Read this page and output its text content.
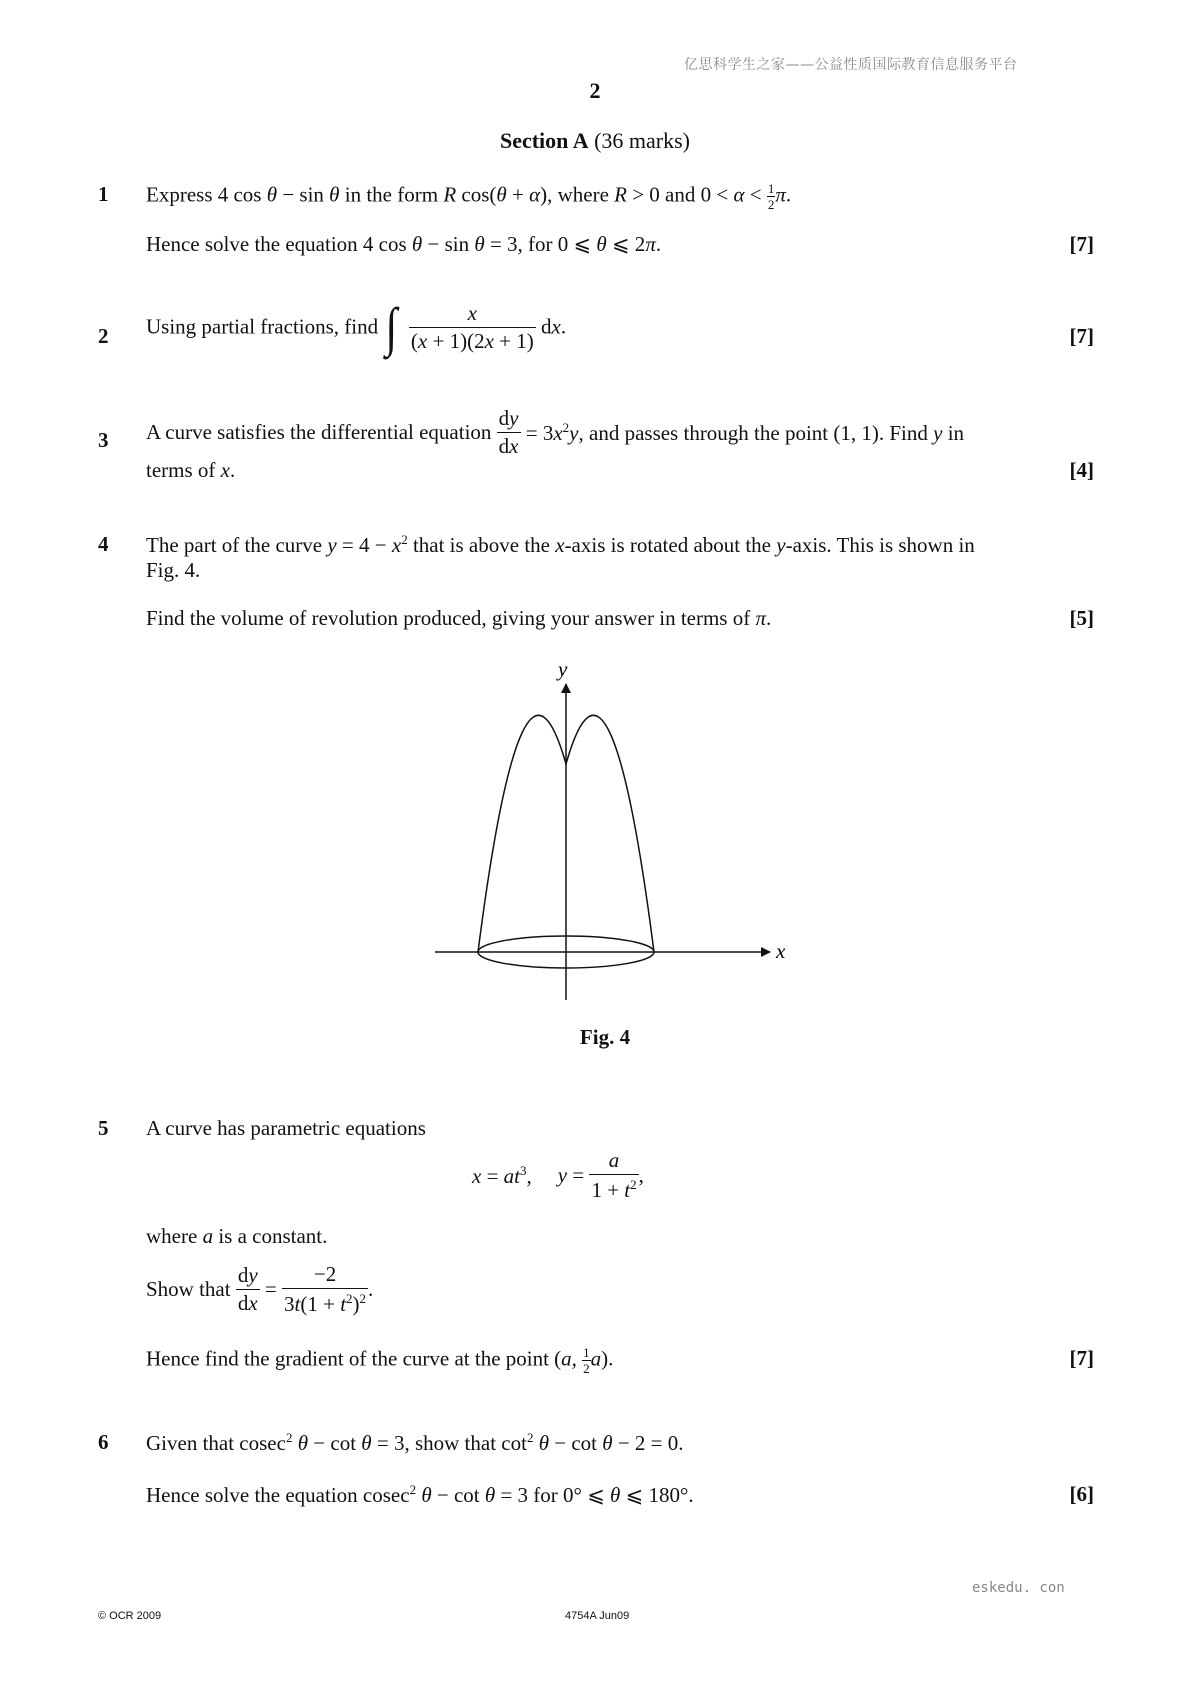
亿思科学生之家——公益性质国际教育信息服务平台
2
Section A (36 marks)
1 Express 4 cos θ − sin θ in the form R cos(θ + α), where R > 0 and $0 < \alpha < \frac{1}{2} \pi$.
Hence solve the equation 4 cos θ − sin θ = 3, for 0 ⩽ θ ⩽ 2π.	[7]
2 Using partial fractions, find ∫ $\frac{x}{(x + 1)(2x + 1)}$ dx.	[7]
3 A curve satisfies the differential equation $\frac{dy}{dx} = 3x^2y$, and passes through the point (1, 1). Find y in
terms of x.	[4]
4 The part of the curve $y = 4 - x^2$ that is above the x-axis is rotated about the y-axis. This is shown in
Fig. 4.
Find the volume of revolution produced, giving your answer in terms of π.	[5]
y
x
Fig. 4
5 A curve has parametric equations
$x = at^3$, $y = \frac{a}{1 + t^2}$ ,
where a is a constant.
Show that $\frac{dy}{dx} = \frac{-2}{3t(1 + t^2)^2}$ .
Hence find the gradient of the curve at the point (a, $\frac{1}{2} a$).	[7]
6 Given that cosec$^2$ θ − cot θ = 3, show that $\cot^2 \theta - \cot \theta - 2 = 0$.
Hence solve the equation cosec$^2$ θ − cot θ = 3 for 0° ⩽ θ ⩽ 180°.	[6]
eskedu. con
© OCR 2009	4754A Jun09
